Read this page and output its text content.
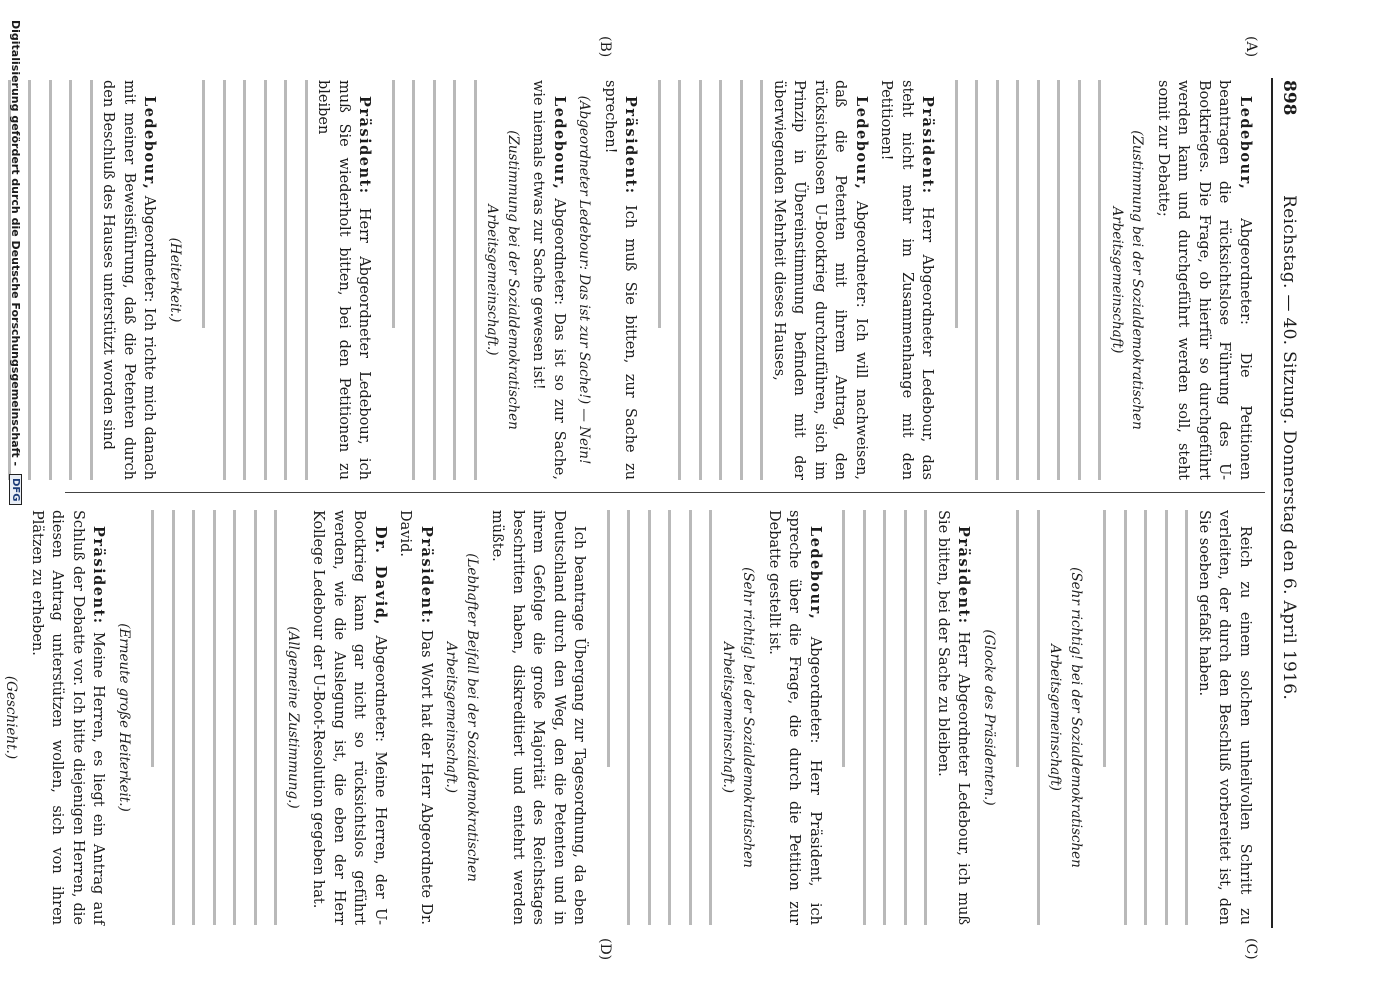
898
Reichstag. — 40. Sitzung. Donnerstag den 6. April 1916.
(A)
(B)
(C)
(D)

Ledebour, Abgeordneter: Die Petitionen beantragen die rücksichtslose Führung des U-Bootkrieges. Die Frage, ob hierfür so durchgeführt werden kann und durchgeführt werden soll, steht somit zur Debatte;

(Zustimmung bei der Sozialdemokratischen Arbeitsgemeinschaft)

Präsident: Herr Abgeordneter Ledebour, das steht nicht mehr im Zusammenhange mit den Petitionen!

Ledebour, Abgeordneter: Ich will nachweisen, daß die Petenten mit ihrem Antrag, den rücksichtslosen U-Bootkrieg durchzuführen, sich im Prinzip in Übereinstimmung befinden mit der überwiegenden Mehrheit dieses Hauses,

Präsident: Ich muß Sie bitten, zur Sache zu sprechen!

(Abgeordneter Ledebour: Das ist zur Sache!) — Nein!

Ledebour, Abgeordneter: Das ist so zur Sache, wie niemals etwas zur Sache gewesen ist!

(Zustimmung bei der Sozialdemokratischen Arbeitsgemeinschaft.)

Präsident: Herr Abgeordneter Ledebour, ich muß Sie wiederholt bitten, bei den Petitionen zu bleiben

(Heiterkeit.)

Ledebour, Abgeordneter: Ich richte mich danach mit meiner Beweisführung, daß die Petenten durch den Beschluß des Hauses unterstützt worden sind

Reich zu einem solchen unheilvollen Schritt zu verleiten, der durch den Beschluß vorbereitet ist, den Sie soeben gefaßt haben.

(Sehr richtig! bei der Sozialdemokratischen Arbeitsgemeinschaft)

(Glocke des Präsidenten.)

Präsident: Herr Abgeordneter Ledebour, ich muß Sie bitten, bei der Sache zu bleiben.

Ledebour, Abgeordneter: Herr Präsident, ich spreche über die Frage, die durch die Petition zur Debatte gestellt ist.

(Sehr richtig! bei der Sozialdemokratischen Arbeitsgemeinschaft.)

Ich beantrage Übergang zur Tagesordnung, da eben Deutschland durch den Weg, den die Petenten und in ihrem Gefolge die große Majorität des Reichstages beschritten haben, diskreditiert und entehrt werden müßte.

(Lebhafter Beifall bei der Sozialdemokratischen Arbeitsgemeinschaft.)

Präsident: Das Wort hat der Herr Abgeordnete Dr. David.

Dr. David, Abgeordneter: Meine Herren, der U-Bootkrieg kann gar nicht so rücksichtslos geführt werden, wie die Auslegung ist, die eben der Herr Kollege Ledebour der U-Boot-Resolution gegeben hat.

(Allgemeine Zustimmung.)

(Erneute große Heiterkeit.)

Präsident: Meine Herren, es liegt ein Antrag auf Schluß der Debatte vor. Ich bitte diejenigen Herren, die diesen Antrag unterstützen wollen, sich von ihren Plätzen zu erheben.

(Geschieht.)

Digitalisierung gefördert durch die Deutsche Forschungsgemeinschaft -
DFG
